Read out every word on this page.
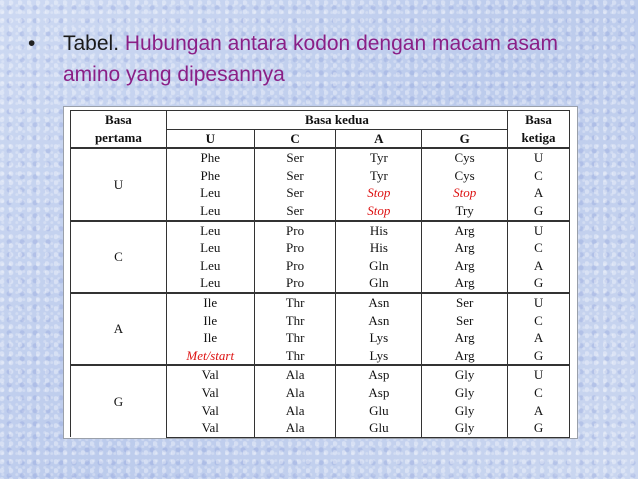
•	Tabel. Hubungan antara kodon dengan macam asam amino yang dipesannya
Basa	Basa kedua				Basa
pertama	U	C	A	G	ketiga
U	Phe	Ser	Tyr	Cys	U
	Phe	Ser	Tyr	Cys	C
	Leu	Ser	Stop	Stop	A
	Leu	Ser	Stop	Try	G
C	Leu	Pro	His	Arg	U
	Leu	Pro	His	Arg	C
	Leu	Pro	Gln	Arg	A
	Leu	Pro	Gln	Arg	G
A	Ile	Thr	Asn	Ser	U
	Ile	Thr	Asn	Ser	C
	Ile	Thr	Lys	Arg	A
	Met/start	Thr	Lys	Arg	G
G	Val	Ala	Asp	Gly	U
	Val	Ala	Asp	Gly	C
	Val	Ala	Glu	Gly	A
	Val	Ala	Glu	Gly	G
